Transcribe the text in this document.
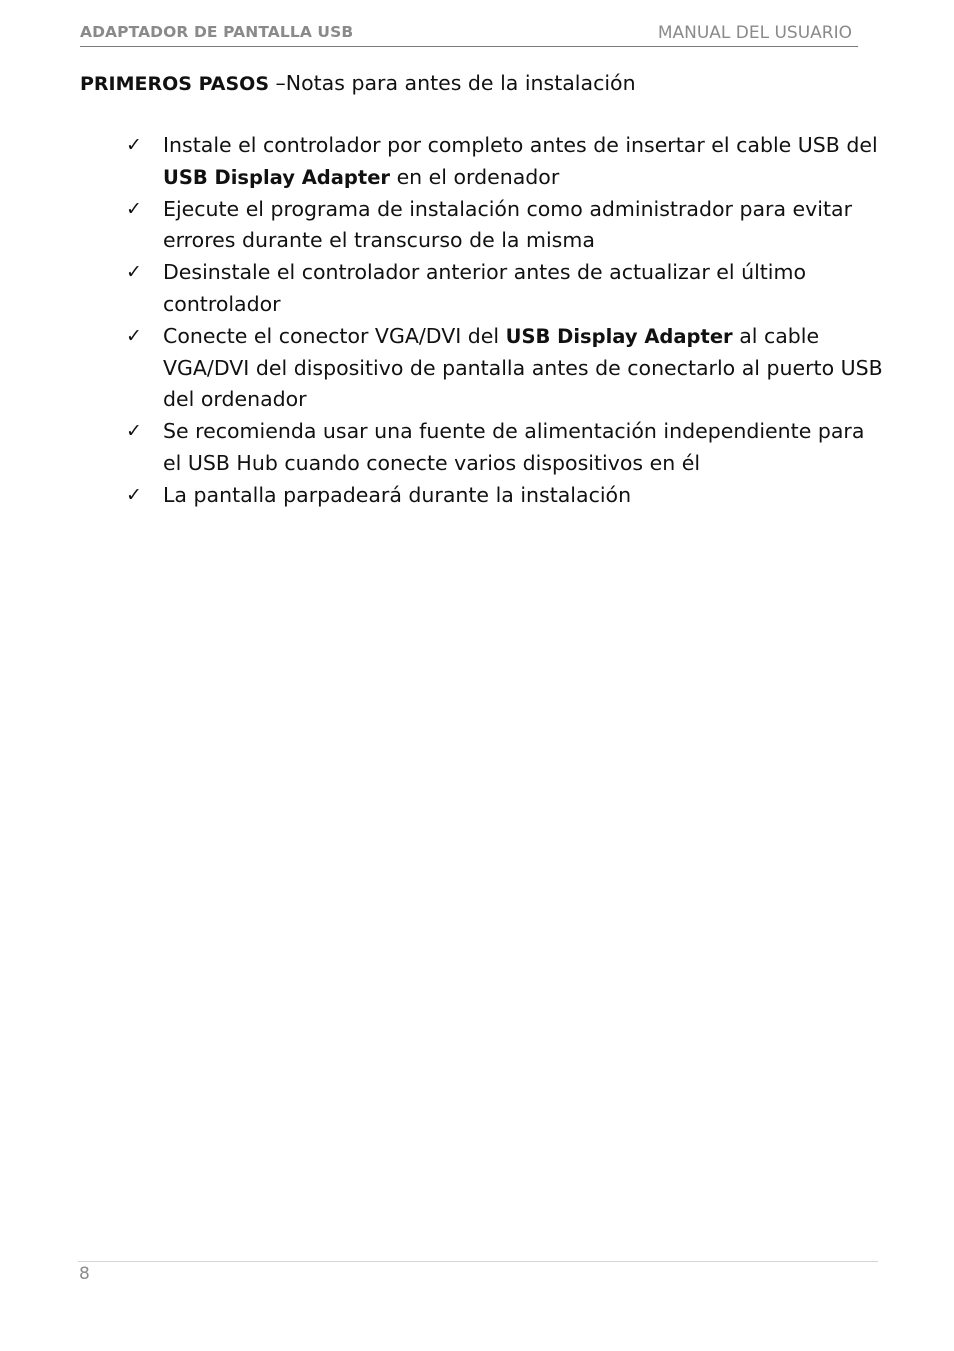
ADAPTADOR DE PANTALLA USB	MANUAL DEL USUARIO
PRIMEROS PASOS –Notas para antes de la instalación
✓ Instale el controlador por completo antes de insertar el cable USB del USB Display Adapter en el ordenador
✓ Ejecute el programa de instalación como administrador para evitar errores durante el transcurso de la misma
✓ Desinstale el controlador anterior antes de actualizar el último controlador
✓ Conecte el conector VGA/DVI del USB Display Adapter al cable VGA/DVI del dispositivo de pantalla antes de conectarlo al puerto USB del ordenador
✓ Se recomienda usar una fuente de alimentación independiente para el USB Hub cuando conecte varios dispositivos en él
✓ La pantalla parpadeará durante la instalación
8
